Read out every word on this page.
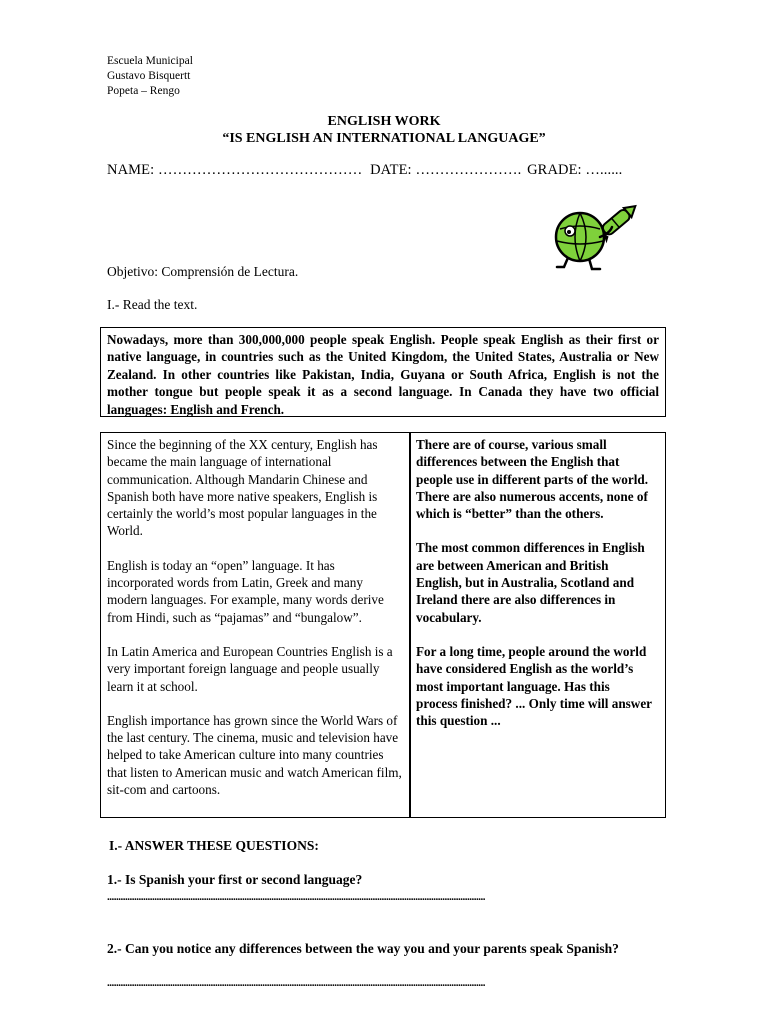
Escuela Municipal
Gustavo Bisquertt
Popeta – Rengo
ENGLISH WORK
“IS ENGLISH AN INTERNATIONAL LANGUAGE”
NAME: …………………………………… DATE: …………………. GRADE: …......
Objetivo: Comprensión de Lectura.
I.- Read the text.
Nowadays, more than 300,000,000 people speak English. People speak English as their first or native language, in countries such as the United Kingdom, the United States, Australia or New Zealand. In other countries like Pakistan, India, Guyana or South Africa, English is not the mother tongue but people speak it as a second language. In Canada they have two official languages: English and French.

Since the beginning of the XX century, English has became the main language of international communication. Although Mandarin Chinese and Spanish both have more native speakers, English is certainly the world’s most popular languages in the World.

English is today an “open” language. It has incorporated words from Latin, Greek and many modern languages. For example, many words derive from Hindi, such as “pajamas” and “bungalow”.

In Latin America and European Countries English is a very important foreign language and people usually learn it at school.

English importance has grown since the World Wars of the last century. The cinema, music and television have helped to take American culture into many countries that listen to American music and watch American film, sit-com and cartoons.

There are of course, various small differences between the English that people use in different parts of the world. There are also numerous accents, none of which is “better” than the others.

The most common differences in English are between American and British English, but in Australia, Scotland and Ireland there are also differences in vocabulary.

For a long time, people around the world have considered English as the world’s most important language. Has this process finished? ... Only time will answer this question ...

I.- ANSWER THESE QUESTIONS:
1.- Is Spanish your first or second language?
........................................................................................................................................................................
2.- Can you notice any differences between the way you and your parents speak Spanish?
........................................................................................................................................................................
